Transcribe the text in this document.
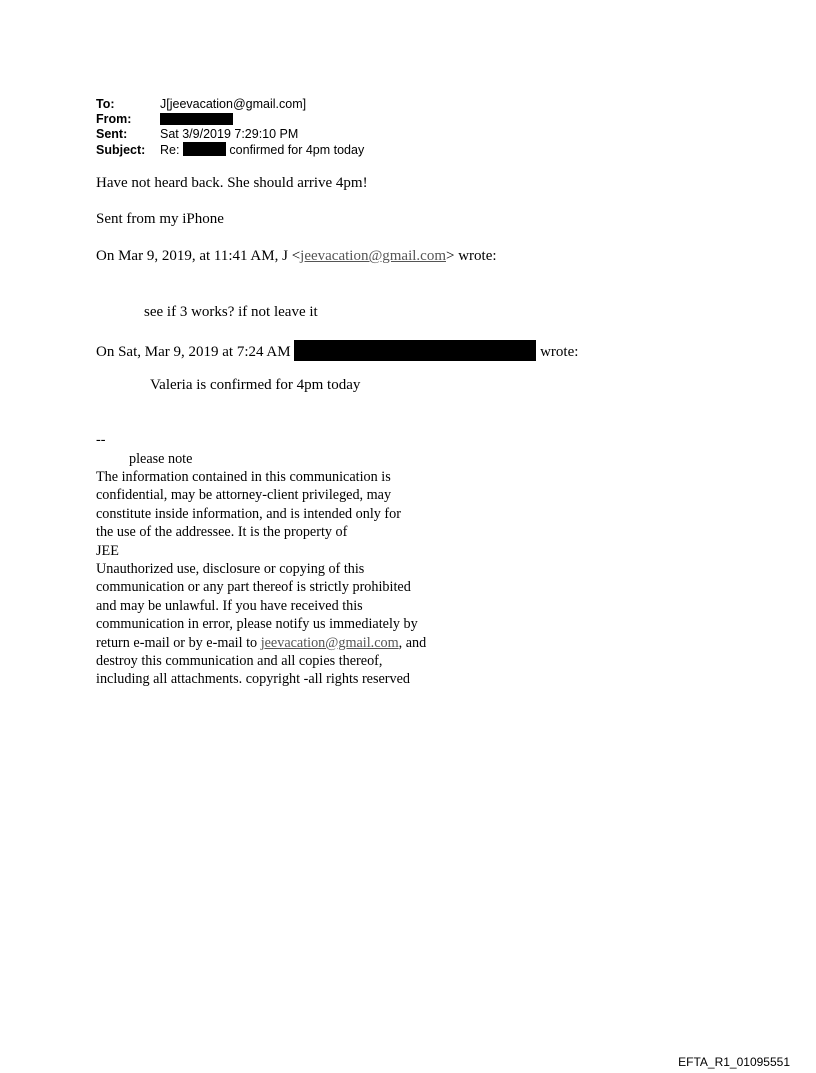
To:	J[jeevacation@gmail.com]
From:
Sent:	Sat 3/9/2019 7:29:10 PM
Subject: Re:	confirmed for 4pm today
Have not heard back. She should arrive 4pm!
Sent from my iPhone
On Mar 9, 2019, at 11:41 AM, J <jeevacation@gmail.com> wrote:
see if 3 works? if not leave it
On Sat, Mar 9, 2019 at 7:24 AM	wrote:
Valeria is confirmed for 4pm today
--
please note
The information contained in this communication is
confidential, may be attorney-client privileged, may
constitute inside information, and is intended only for
the use of the addressee. It is the property of
JEE
Unauthorized use, disclosure or copying of this
communication or any part thereof is strictly prohibited
and may be unlawful. If you have received this
communication in error, please notify us immediately by
return e-mail or by e-mail to jeevacation@gmail.com, and
destroy this communication and all copies thereof,
including all attachments. copyright -all rights reserved
EFTA_R1_01095551
